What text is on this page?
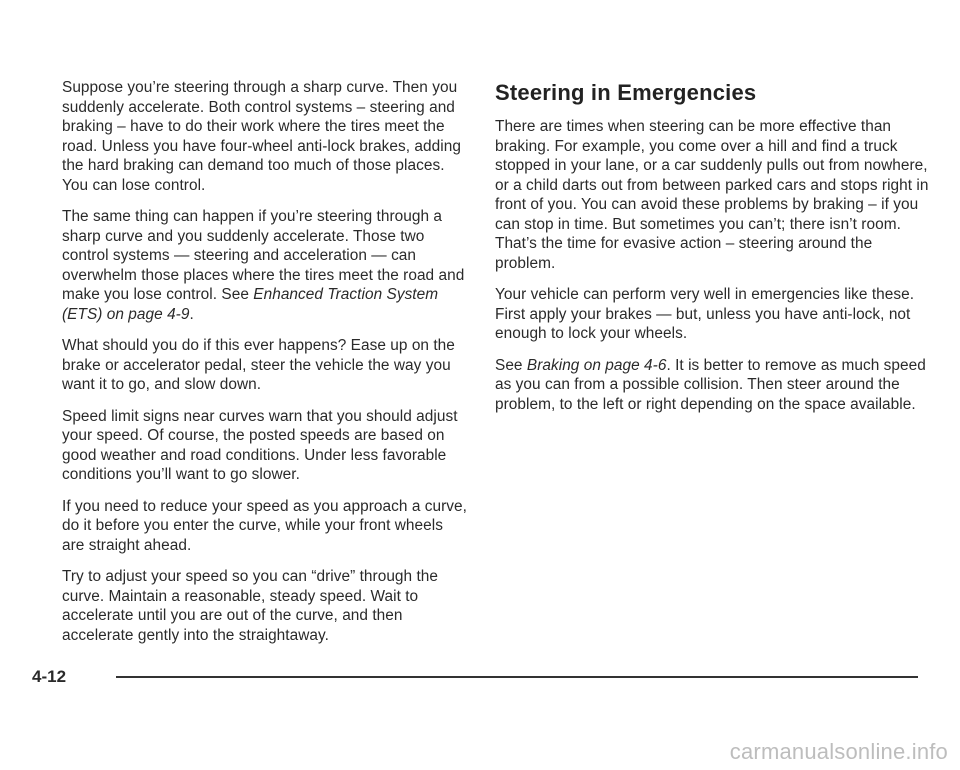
Suppose you’re steering through a sharp curve. Then you suddenly accelerate. Both control systems – steering and braking – have to do their work where the tires meet the road. Unless you have four-wheel anti-lock brakes, adding the hard braking can demand too much of those places. You can lose control.

The same thing can happen if you’re steering through a sharp curve and you suddenly accelerate. Those two control systems — steering and acceleration — can overwhelm those places where the tires meet the road and make you lose control. See Enhanced Traction System (ETS) on page 4-9.

What should you do if this ever happens? Ease up on the brake or accelerator pedal, steer the vehicle the way you want it to go, and slow down.

Speed limit signs near curves warn that you should adjust your speed. Of course, the posted speeds are based on good weather and road conditions. Under less favorable conditions you’ll want to go slower.

If you need to reduce your speed as you approach a curve, do it before you enter the curve, while your front wheels are straight ahead.

Try to adjust your speed so you can “drive” through the curve. Maintain a reasonable, steady speed. Wait to accelerate until you are out of the curve, and then accelerate gently into the straightaway.

Steering in Emergencies

There are times when steering can be more effective than braking. For example, you come over a hill and find a truck stopped in your lane, or a car suddenly pulls out from nowhere, or a child darts out from between parked cars and stops right in front of you. You can avoid these problems by braking – if you can stop in time. But sometimes you can’t; there isn’t room. That’s the time for evasive action – steering around the problem.

Your vehicle can perform very well in emergencies like these. First apply your brakes — but, unless you have anti-lock, not enough to lock your wheels.

See Braking on page 4-6. It is better to remove as much speed as you can from a possible collision. Then steer around the problem, to the left or right depending on the space available.

4-12
carmanualsonline.info
